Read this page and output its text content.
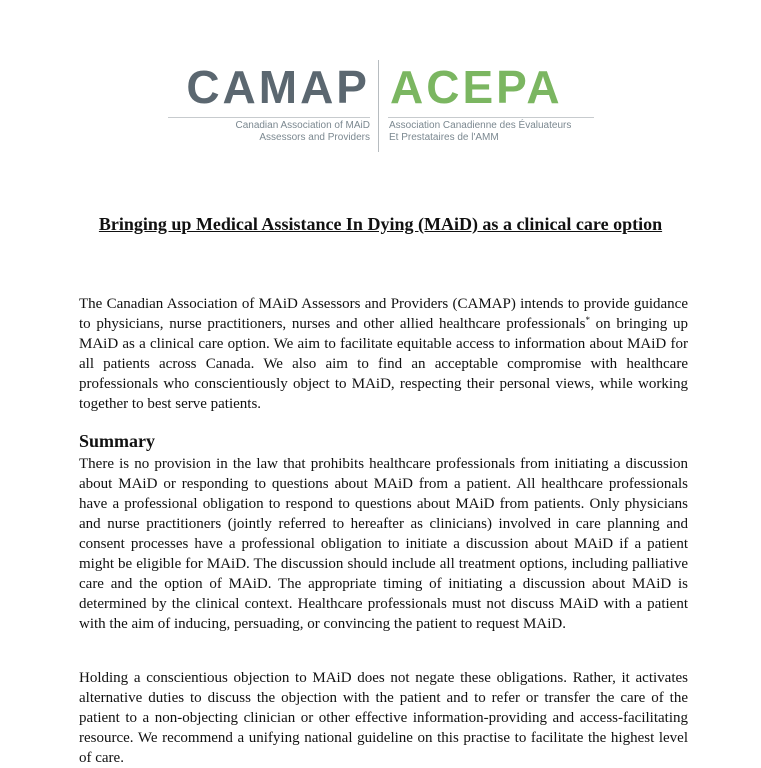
CAMAP ACEPA
Canadian Association of MAiD
Assessors and Providers
Association Canadienne des Évaluateurs
Et Prestataires de l'AMM
Bringing up Medical Assistance In Dying (MAiD) as a clinical care option

The Canadian Association of MAiD Assessors and Providers (CAMAP) intends to provide guidance to physicians, nurse practitioners, nurses and other allied healthcare professionals* on bringing up MAiD as a clinical care option. We aim to facilitate equitable access to information about MAiD for all patients across Canada. We also aim to find an acceptable compromise with healthcare professionals who conscientiously object to MAiD, respecting their personal views, while working together to best serve patients.

Summary

There is no provision in the law that prohibits healthcare professionals from initiating a discussion about MAiD or responding to questions about MAiD from a patient. All healthcare professionals have a professional obligation to respond to questions about MAiD from patients. Only physicians and nurse practitioners (jointly referred to hereafter as clinicians) involved in care planning and consent processes have a professional obligation to initiate a discussion about MAiD if a patient might be eligible for MAiD. The discussion should include all treatment options, including palliative care and the option of MAiD. The appropriate timing of initiating a discussion about MAiD is determined by the clinical context. Healthcare professionals must not discuss MAiD with a patient with the aim of inducing, persuading, or convincing the patient to request MAiD.

Holding a conscientious objection to MAiD does not negate these obligations. Rather, it activates alternative duties to discuss the objection with the patient and to refer or transfer the care of the patient to a non-objecting clinician or other effective information-providing and access-facilitating resource. We recommend a unifying national guideline on this practise to facilitate the highest level of care.
